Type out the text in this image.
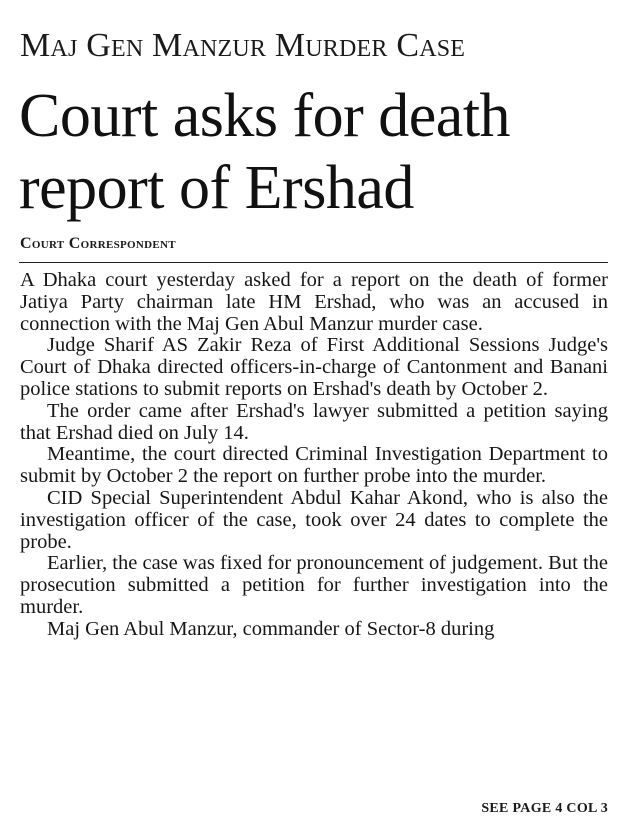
Maj Gen Manzur Murder Case
Court asks for death report of Ershad
Court Correspondent

A Dhaka court yesterday asked for a report on the death of former Jatiya Party chairman late HM Ershad, who was an accused in connection with the Maj Gen Abul Manzur murder case.

Judge Sharif AS Zakir Reza of First Additional Sessions Judge's Court of Dhaka directed officers-in-charge of Cantonment and Banani police stations to submit reports on Ershad's death by October 2.

The order came after Ershad's lawyer submitted a petition saying that Ershad died on July 14.

Meantime, the court directed Criminal Investigation Department to submit by October 2 the report on further probe into the murder.

CID Special Superintendent Abdul Kahar Akond, who is also the investigation officer of the case, took over 24 dates to complete the probe.

Earlier, the case was fixed for pronouncement of judgement. But the prosecution submitted a petition for further investigation into the murder.

Maj Gen Abul Manzur, commander of Sector-8 during

SEE PAGE 4 COL 3
